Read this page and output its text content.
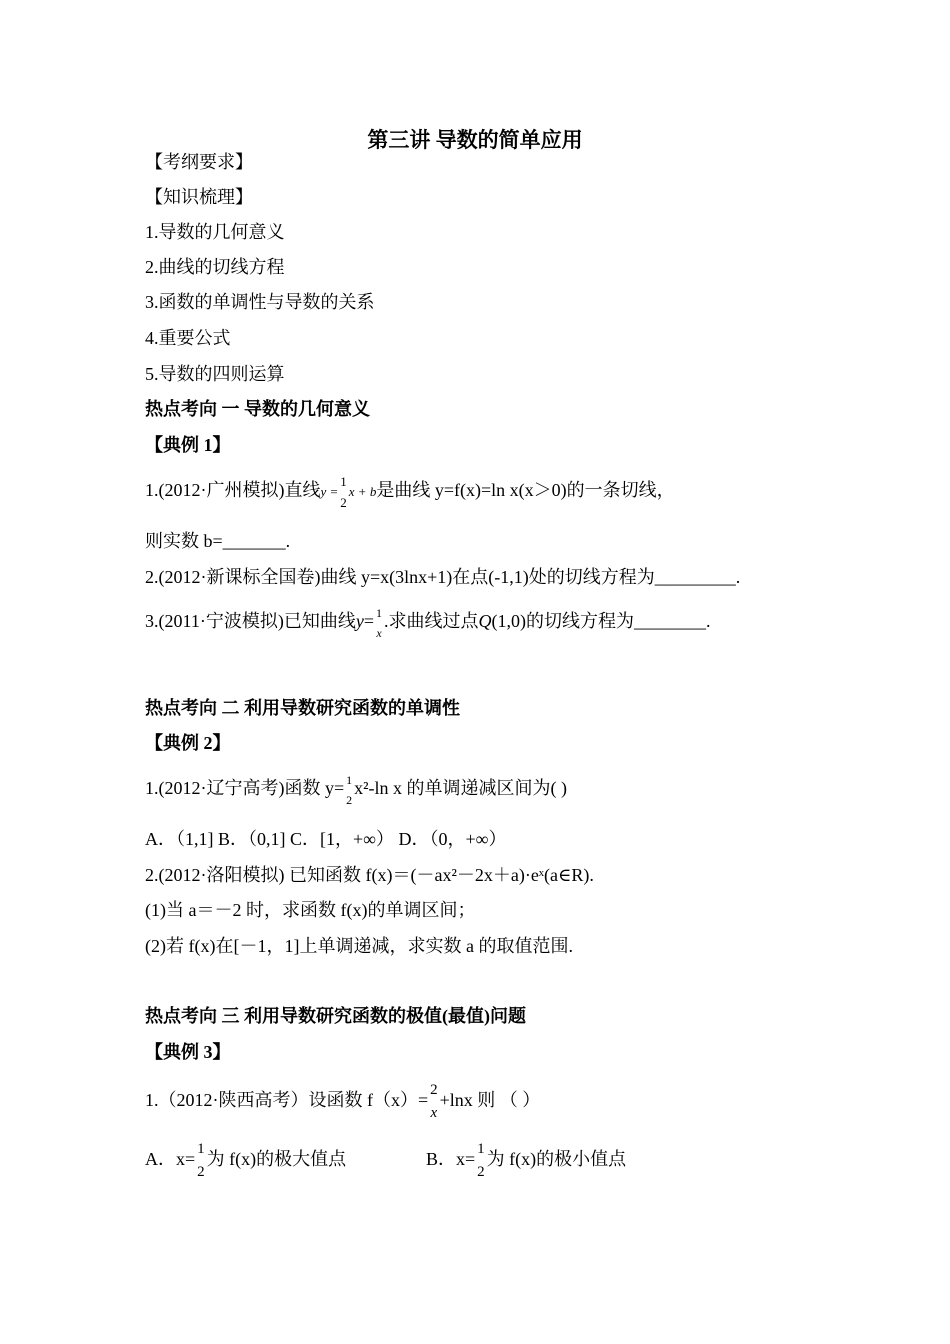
第三讲 导数的简单应用
【考纲要求】
【知识梳理】
1.导数的几何意义
2.曲线的切线方程
3.函数的单调性与导数的关系
4.重要公式
5.导数的四则运算
热点考向 一 导数的几何意义
【典例 1】
1.(2012·广州模拟)直线y =
1
2
x + b是曲线 y=f(x)=ln x(x＞0)的一条切线，
则实数 b=_______.
2.(2012·新课标全国卷)曲线 y=x(3lnx+1)在点(-1,1)处的切线方程为_________.
3.(2011·宁波模拟)已知曲线y= 1
x
.求曲线过点Q(1,0)的切线方程为________.
热点考向 二 利用导数研究函数的单调性
【典例 2】
1.(2012·辽宁高考)函数 y= 1
2
x²-ln x 的单调递减区间为( )
A．（1,1] B．（0,1] C．[1，+∞） D．（0，+∞）
2.(2012·洛阳模拟) 已知函数 f(x)＝(－ax²－2x＋a)·eˣ(a∈R).
(1)当 a＝－2 时，求函数 f(x)的单调区间；
(2)若 f(x)在[－1，1]上单调递减，求实数 a 的取值范围.
热点考向 三 利用导数研究函数的极值(最值)问题
【典例 3】
1.（2012·陕西高考）设函数 f（x）=
2
x
+lnx 则 （ ）
A．x=
1
2
为 f(x)的极大值点	B．x=
1
2
为 f(x)的极小值点
